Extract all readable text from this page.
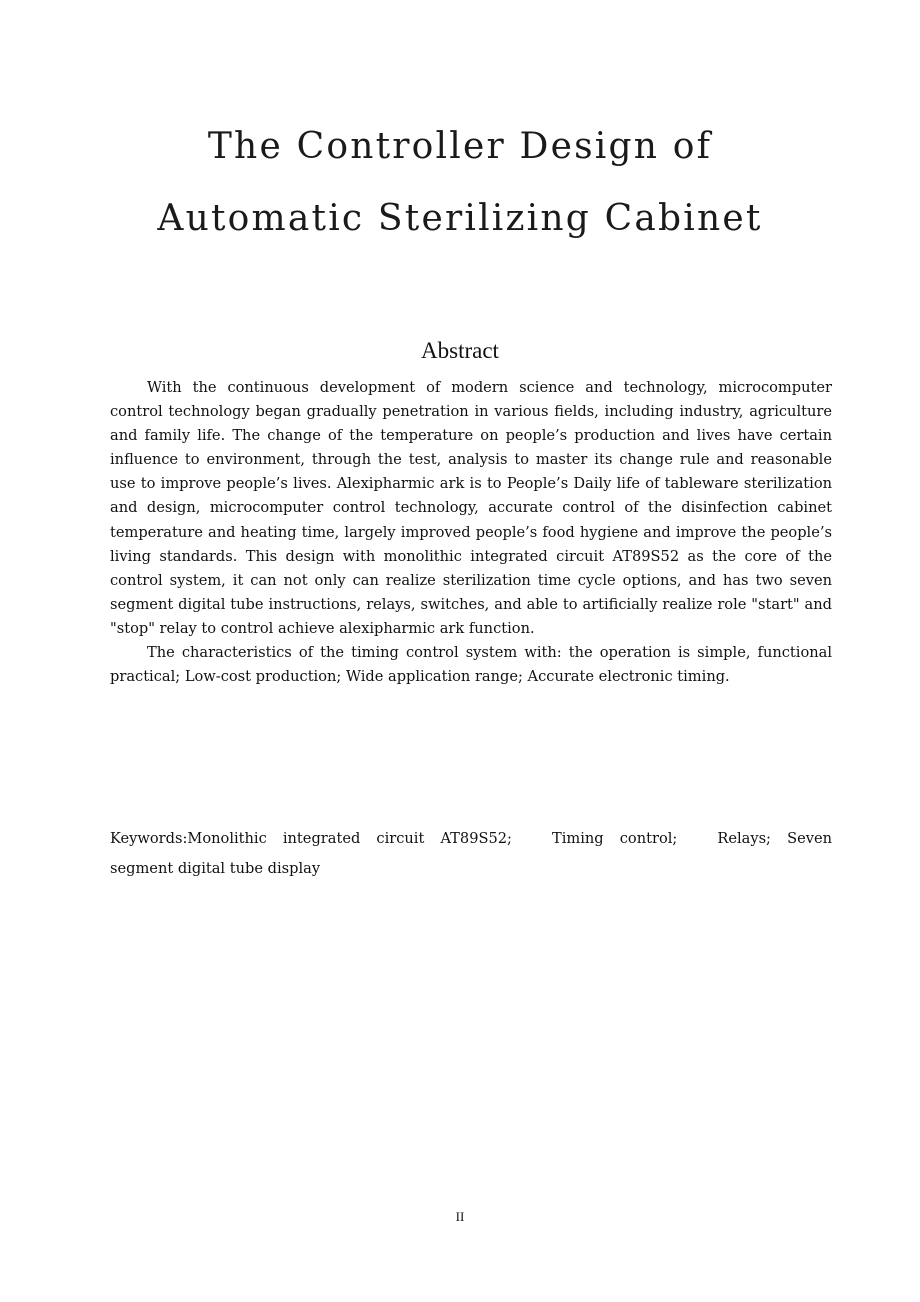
The Controller Design of
Automatic Sterilizing Cabinet
Abstract

With the continuous development of modern science and technology, microcomputer control technology began gradually penetration in various fields, including industry, agriculture and family life. The change of the temperature on people’s production and lives have certain influence to environment, through the test, analysis to master its change rule and reasonable use to improve people’s lives. Alexipharmic ark is to People’s Daily life of tableware sterilization and design, microcomputer control technology, accurate control of the disinfection cabinet temperature and heating time, largely improved people’s food hygiene and improve the people’s living standards. This design with monolithic integrated circuit AT89S52 as the core of the control system, it can not only can realize sterilization time cycle options, and has two seven segment digital tube instructions, relays, switches, and able to artificially realize role "start" and "stop" relay to control achieve alexipharmic ark function.

The characteristics of the timing control system with: the operation is simple, functional practical; Low-cost production; Wide application range; Accurate electronic timing.

Keywords:Monolithic integrated circuit AT89S52;	Timing control;	Relays; Seven segment digital tube display

II
